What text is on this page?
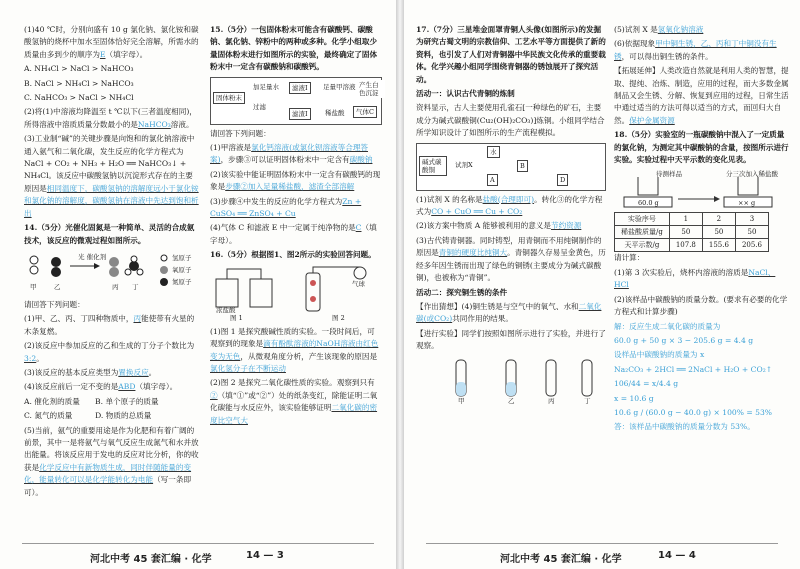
(1)40 ℃时，分别向盛有 10 g 氯化钠、氯化铵和碳酸氢钠的烧杯中加水至固体恰好完全溶解，所需水的质量由多到少的顺序为E（填字母）。

A. NH₄Cl > NaCl > NaHCO₃

B. NaCl > NH₄Cl > NaHCO₃

C. NaHCO₃ > NaCl > NH₄Cl

(2)将(1)中溶液均降温至 t ℃以下(三者温度相同)，所得溶液中溶质质量分数最小的是NaHCO₃溶液。

(3)工业制“碱”的关键步骤是向饱和的氯化钠溶液中通入氨气和二氧化碳，发生反应的化学方程式为 NaCl + CO₂ + NH₃ + H₂O ══ NaHCO₃↓ + NH₄Cl。该反应中碳酸氢钠以沉淀形式存在的主要原因是相同温度下，碳酸氢钠的溶解度远小于氯化铵和氯化钠的溶解度，碳酸氢钠在溶液中先达到饱和析出

14.（5分）光催化固氮是一种简单、灵活的合成氨技术，该反应的微观过程如图所示。

光 催化剂
甲	乙	丙	丁
氢原子
氧原子
氮原子

请回答下列问题：

(1)甲、乙、丙、丁四种物质中，丙能使带有火星的木条复燃。

(2)该反应中参加反应的乙和生成的丁分子个数比为3:2。

(3)该反应的基本反应类型为置换反应。

(4)该反应前后一定不变的是ABD（填字母）。

A. 催化剂的质量　　B. 单个原子的质量

C. 氮气的质量　　　D. 物质的总质量

(5)当前，氨气的重要用途是作为化肥和有着广阔的前景，其中一是将氨气与氧气反应生成氮气和水并放出能量。将该反应用于发电的反应对比分析，你的收获是化学反应中有新物质生成，同时伴随能量的变化，能量转化可以是化学能转化为电能（写一条即可）。

15.（5分）一包固体粉末可能含有碳酸钙、碳酸钠、氯化钠、锌粉中的两种或多种。化学小组取少量固体粉末进行如图所示的实验，最终确定了固体粉末中一定含有碳酸钠和碳酸钙。

固体粉末
加足量水
过滤
滤液Ⅰ	足量甲溶液 产生白色沉淀
滤渣Ⅰ	稀盐酸	气体C

请回答下列问题：

(1)甲溶液是氯化钙溶液(或氯化钡溶液等合理答案)，步骤③可以证明固体粉末中一定含有碳酸钠

(2)该实验中能证明固体粉末中一定含有碳酸钙的现象是步骤②加入足量稀盐酸，滤渣全部溶解

(3)步骤④中发生的反应的化学方程式为Zn + CuSO₄ ══ ZnSO₄ + Cu

(4)气体 C 和滤液 E 中一定属于纯净物的是C（填字母）。

16.（5分）根据图1、图2所示的实验回答问题。

浓盐酸
图 1	图 2
气球

(1)图 1 是探究酸碱性质的实验。一段时间后，可观察到的现象是滴有酚酞溶液的NaOH溶液由红色变为无色，从微观角度分析，产生该现象的原因是氯化氢分子在不断运动

(2)图 2 是探究二氧化碳性质的实验。观察到只有②（填“①”或“②”）处的纸条变红，除能证明二氧化碳能与水反应外，该实验能够证明二氧化碳的密度比空气大

河北中考 45 套汇编 · 化学	14 — 3

17.（7分）三星堆金面罩青铜人头像(如图所示)的发掘为研究古蜀文明的宗教信仰、工艺水平等方面提供了新的资料，也引发了人们对青铜器中华民族文化传承的重要载体。化学兴趣小组同学围绕青铜器的锈蚀展开了探究活动。

活动一：认识古代青铜的炼制

资料显示，古人主要使用孔雀石[一种绿色的矿石，主要成分为碱式碳酸铜(Cu₂(OH)₂CO₃)]炼铜。小组同学结合所学知识设计了如图所示的生产流程模拟。

碱式碳酸铜
水
B
A	D
试剂X

(1)试剂 X 的名称是盐酸(合理即可)。转化③的化学方程式为CO + CuO ══ Cu + CO₂

(2)该方案中物质 A 能够被利用的意义是节约资源

(3)古代铸青铜器。同时铸型，用青铜而不用纯铜制作的原因是青铜的硬度比纯铜大。青铜器久存易呈金黄色，历经多年因生锈而出现了绿色的铜锈(主要成分为碱式碳酸铜)，也被称为“青铜”。

活动二：探究铜生锈的条件

【作出猜想】(4)铜生锈是与空气中的氧气、水和二氧化碳(或CO₂)共同作用的结果。

【进行实验】同学们按照如图所示进行了实验，并进行了观察。

甲	乙	丙	丁

(5)试剂 X 是氢氧化钠溶液

(6)依据现象甲中铜生锈，乙、丙和丁中铜没有生锈，可以得出铜生锈的条件。

【拓展延伸】人类改造自然就是利用人类的智慧，提取、提纯、冶炼、制造，应用的过程，而大多数金属制品又会生锈、分解、恢复到应用的过程，日常生活中通过适当的方法可得以适当的方式，而回归大自然。保护金属资源

18.（5分）实验室的一瓶碳酸钠中混入了一定质量的氯化钠，为测定其中碳酸钠的含量，按图所示进行实验。实验过程中天平示数的变化见表。

60.0 g	×× g
待测样品	分三次加入稀盐酸
实验序号	1	2	3
稀盐酸质量/g	50	50	50
天平示数/g	107.8	155.6	205.6

请计算：

(1)第 3 次实验后，烧杯内溶液的溶质是NaCl、HCl

(2)该样品中碳酸钠的质量分数。(要求有必要的化学方程式和计算步骤)

解：反应生成二氧化碳的质量为

60.0 g + 50 g × 3 − 205.6 g = 4.4 g

设样品中碳酸钠的质量为 x

Na₂CO₃ + 2HCl ══ 2NaCl + H₂O + CO₂↑

106/44 = x/4.4 g

x = 10.6 g

10.6 g / (60.0 g − 40.0 g) × 100% = 53%

答：该样品中碳酸钠的质量分数为 53%。

河北中考 45 套汇编 · 化学	14 — 4
